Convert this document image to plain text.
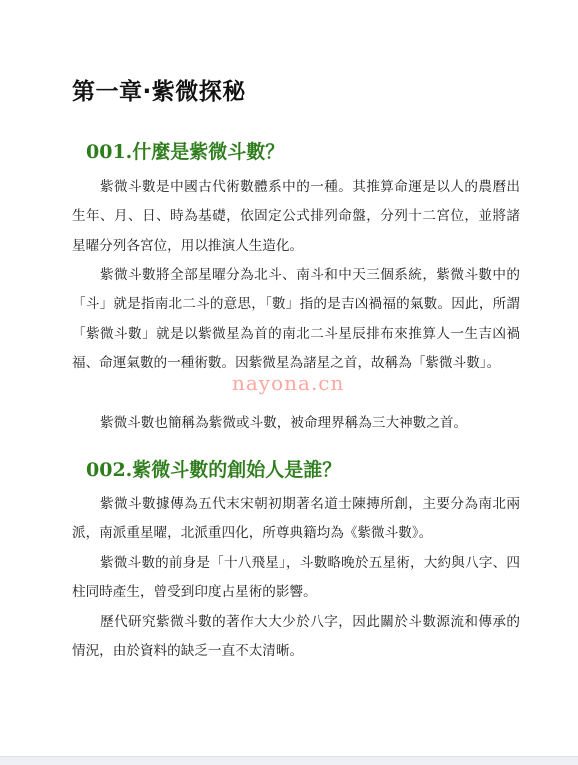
第一章·紫微探秘
001.什麼是紫微斗數？

紫微斗數是中國古代術數體系中的一種。其推算命運是以人的農曆出生年、月、日、時為基礎，依固定公式排列命盤，分列十二宮位，並將諸星曜分列各宮位，用以推演人生造化。

紫微斗數將全部星曜分為北斗、南斗和中天三個系統，紫微斗數中的「斗」就是指南北二斗的意思，「數」指的是吉凶禍福的氣數。因此，所謂「紫微斗數」就是以紫微星為首的南北二斗星辰排布來推算人一生吉凶禍福、命運氣數的一種術數。因紫微星為諸星之首，故稱為「紫微斗數」。

紫微斗數也簡稱為紫微或斗數，被命理界稱為三大神數之首。

002.紫微斗數的創始人是誰？

紫微斗數據傳為五代末宋朝初期著名道士陳摶所創，主要分為南北兩派，南派重星曜，北派重四化，所尊典籍均為《紫微斗數》。

紫微斗數的前身是「十八飛星」，斗數略晚於五星術，大約與八字、四柱同時產生，曾受到印度占星術的影響。

歷代研究紫微斗數的著作大大少於八字，因此關於斗數源流和傳承的情況，由於資料的缺乏一直不太清晰。

nayona.cn
